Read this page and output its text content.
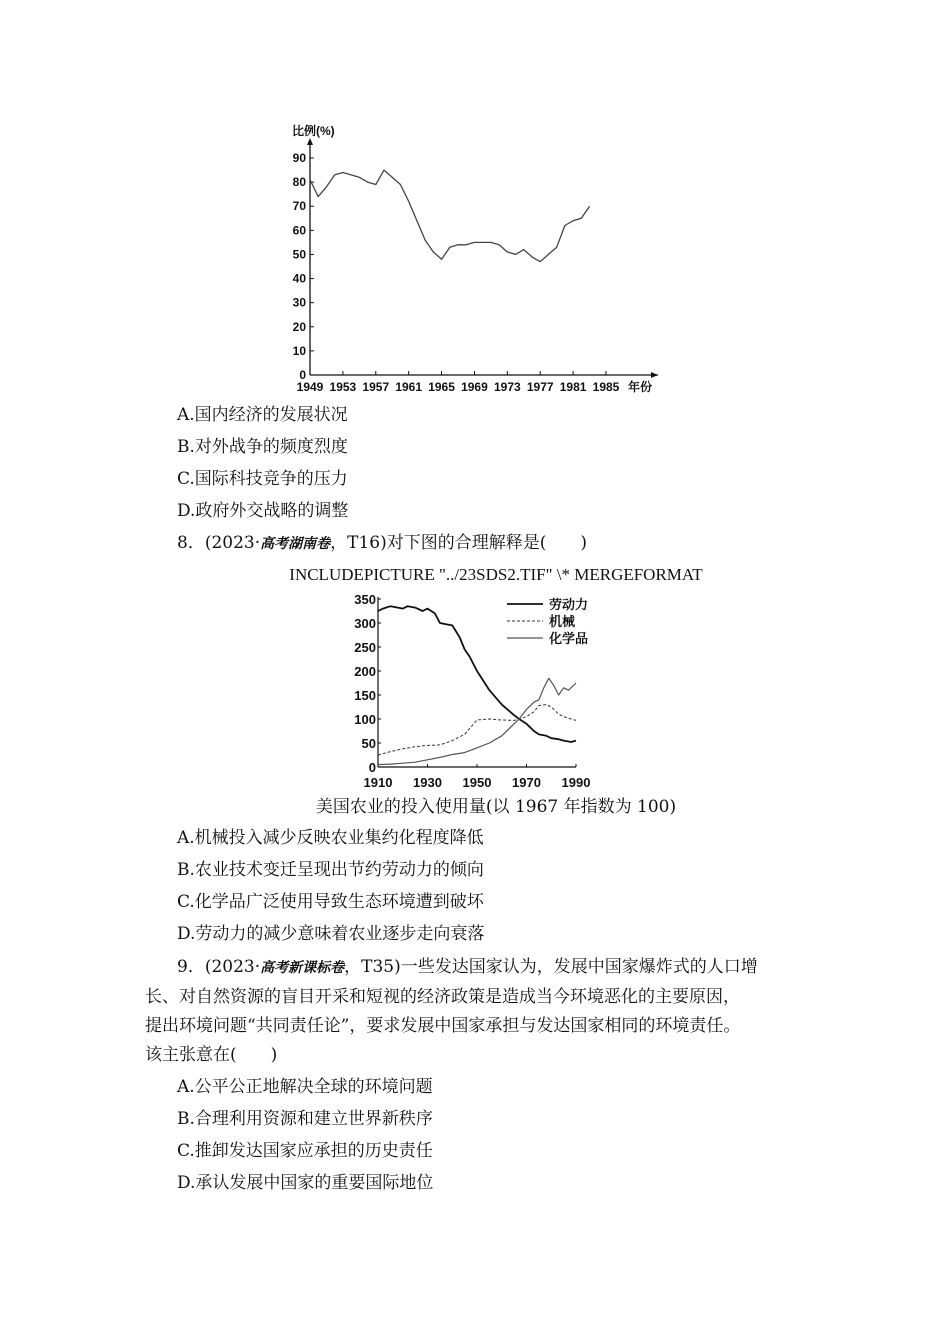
比例(%)
0
10
20
30
40
50
60
70
80
90
1949 1953 1957 1961 1965 1969 1973 1977 1981 1985 年份
A.国内经济的发展状况
B.对外战争的频度烈度
C.国际科技竞争的压力
D.政府外交战略的调整
8．(2023·高考湖南卷，T16)对下图的合理解释是(　　)
INCLUDEPICTURE "../23SDS2.TIF" \* MERGEFORMAT
0
50
100
150
200
250
300
350
1910 1930 1950 1970 1990
劳动力
机械
化学品
美国农业的投入使用量(以 1967 年指数为 100)
A.机械投入减少反映农业集约化程度降低
B.农业技术变迁呈现出节约劳动力的倾向
C.化学品广泛使用导致生态环境遭到破坏
D.劳动力的减少意味着农业逐步走向衰落
9．(2023·高考新课标卷，T35)一些发达国家认为，发展中国家爆炸式的人口增
长、对自然资源的盲目开采和短视的经济政策是造成当今环境恶化的主要原因，
提出环境问题“共同责任论”，要求发展中国家承担与发达国家相同的环境责任。
该主张意在(　　)
A.公平公正地解决全球的环境问题
B.合理利用资源和建立世界新秩序
C.推卸发达国家应承担的历史责任
D.承认发展中国家的重要国际地位
